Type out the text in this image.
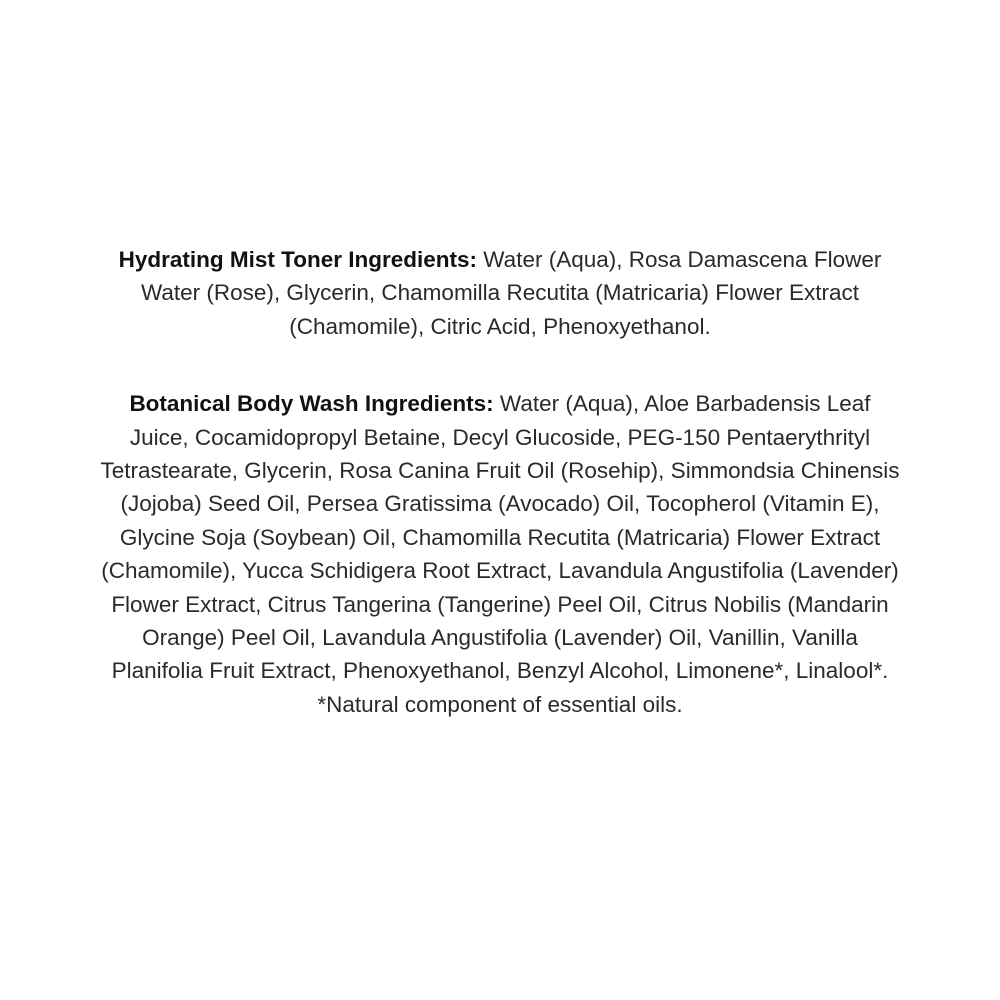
Hydrating Mist Toner Ingredients: Water (Aqua), Rosa Damascena Flower Water (Rose), Glycerin, Chamomilla Recutita (Matricaria) Flower Extract (Chamomile), Citric Acid, Phenoxyethanol.

Botanical Body Wash Ingredients: Water (Aqua), Aloe Barbadensis Leaf Juice, Cocamidopropyl Betaine, Decyl Glucoside, PEG-150 Pentaerythrityl Tetrastearate, Glycerin, Rosa Canina Fruit Oil (Rosehip), Simmondsia Chinensis (Jojoba) Seed Oil, Persea Gratissima (Avocado) Oil, Tocopherol (Vitamin E), Glycine Soja (Soybean) Oil, Chamomilla Recutita (Matricaria) Flower Extract (Chamomile), Yucca Schidigera Root Extract, Lavandula Angustifolia (Lavender) Flower Extract, Citrus Tangerina (Tangerine) Peel Oil, Citrus Nobilis (Mandarin Orange) Peel Oil, Lavandula Angustifolia (Lavender) Oil, Vanillin, Vanilla Planifolia Fruit Extract, Phenoxyethanol, Benzyl Alcohol, Limonene*, Linalool*. *Natural component of essential oils.
